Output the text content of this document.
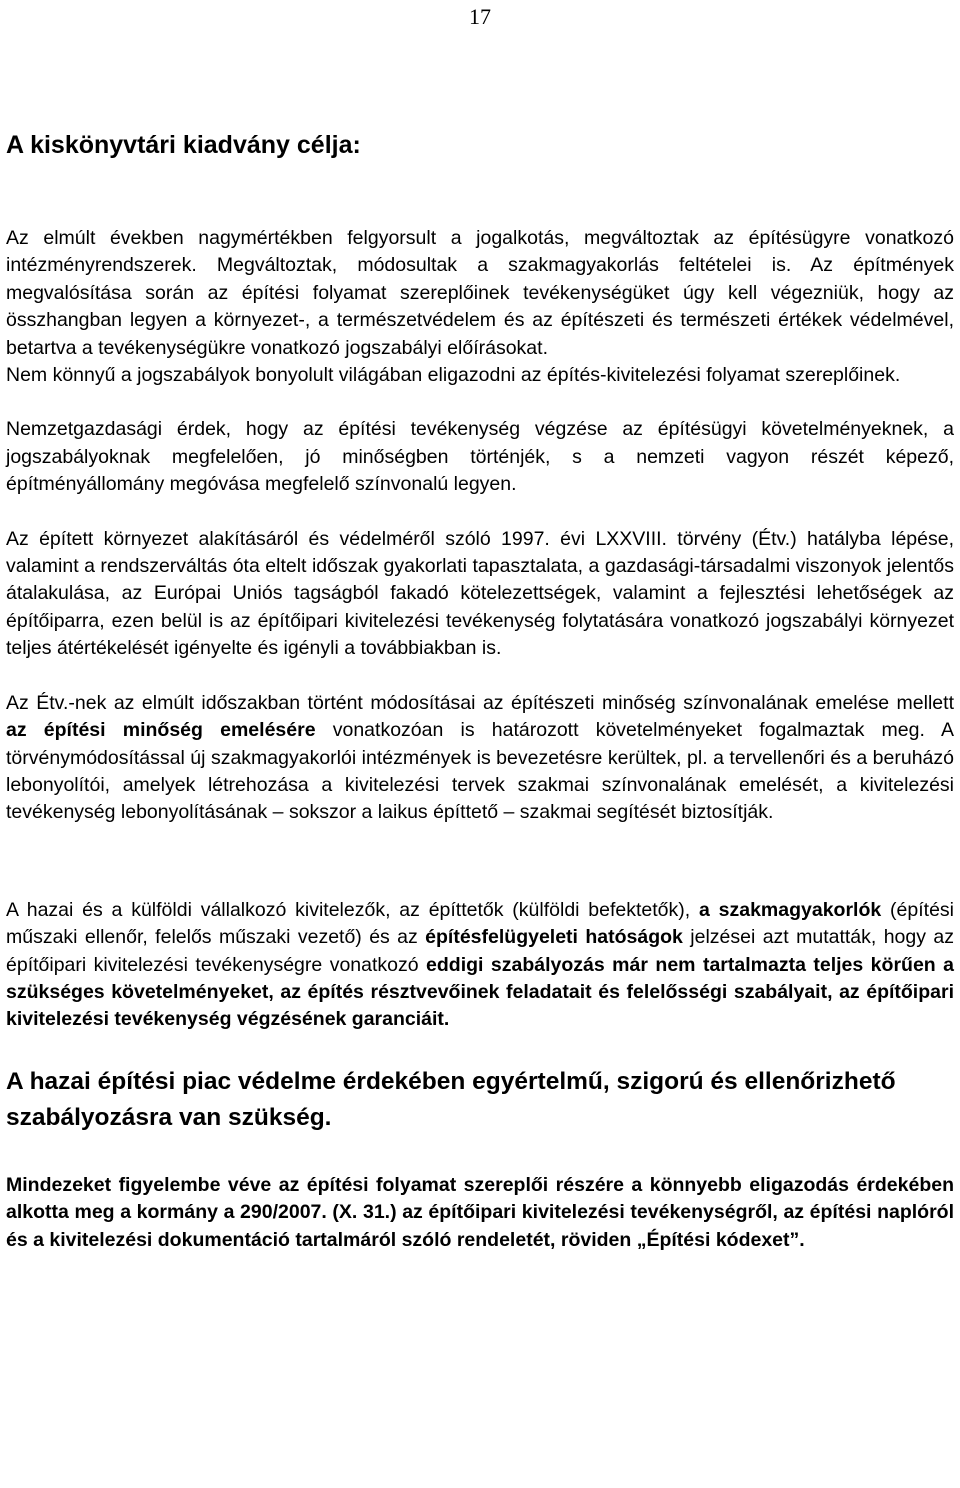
17
A kiskönyvtári kiadvány célja:

Az elmúlt években nagymértékben felgyorsult a jogalkotás, megváltoztak az építésügyre vonatkozó intézményrendszerek. Megváltoztak, módosultak a szakmagyakorlás feltételei is. Az építmények megvalósítása során az építési folyamat szereplőinek tevékenységüket úgy kell végezniük, hogy az összhangban legyen a környezet-, a természetvédelem és az építészeti és természeti értékek védelmével, betartva a tevékenységükre vonatkozó jogszabályi előírásokat.

Nem könnyű a jogszabályok bonyolult világában eligazodni az építés-kivitelezési folyamat szereplőinek.

Nemzetgazdasági érdek, hogy az építési tevékenység végzése az építésügyi követelményeknek, a jogszabályoknak megfelelően, jó minőségben történjék, s a nemzeti vagyon részét képező, építményállomány megóvása megfelelő színvonalú legyen.

Az épített környezet alakításáról és védelméről szóló 1997. évi LXXVIII. törvény (Étv.) hatályba lépése, valamint a rendszerváltás óta eltelt időszak gyakorlati tapasztalata, a gazdasági-társadalmi viszonyok jelentős átalakulása, az Európai Uniós tagságból fakadó kötelezettségek, valamint a fejlesztési lehetőségek az építőiparra, ezen belül is az építőipari kivitelezési tevékenység folytatására vonatkozó jogszabályi környezet teljes átértékelését igényelte és igényli a továbbiakban is.

Az Étv.-nek az elmúlt időszakban történt módosításai az építészeti minőség színvonalának emelése mellett az építési minőség emelésére vonatkozóan is határozott követelményeket fogalmaztak meg. A törvénymódosítással új szakmagyakorlói intézmények is bevezetésre kerültek, pl. a tervellenőri és a beruházó lebonyolítói, amelyek létrehozása a kivitelezési tervek szakmai színvonalának emelését, a kivitelezési tevékenység lebonyolításának – sokszor a laikus építtető – szakmai segítését biztosítják.

A hazai és a külföldi vállalkozó kivitelezők, az építtetők (külföldi befektetők), a szakmagyakorlók (építési műszaki ellenőr, felelős műszaki vezető) és az építésfelügyeleti hatóságok jelzései azt mutatták, hogy az építőipari kivitelezési tevékenységre vonatkozó eddigi szabályozás már nem tartalmazta teljes körűen a szükséges követelményeket, az építés résztvevőinek feladatait és felelősségi szabályait, az építőipari kivitelezési tevékenység végzésének garanciáit.

A hazai építési piac védelme érdekében egyértelmű, szigorú és ellenőrizhető szabályozásra van szükség.

Mindezeket figyelembe véve az építési folyamat szereplői részére a könnyebb eligazodás érdekében alkotta meg a kormány a 290/2007. (X. 31.) az építőipari kivitelezési tevékenységről, az építési naplóról és a kivitelezési dokumentáció tartalmáról szóló rendeletét, röviden „Építési kódexet”.
